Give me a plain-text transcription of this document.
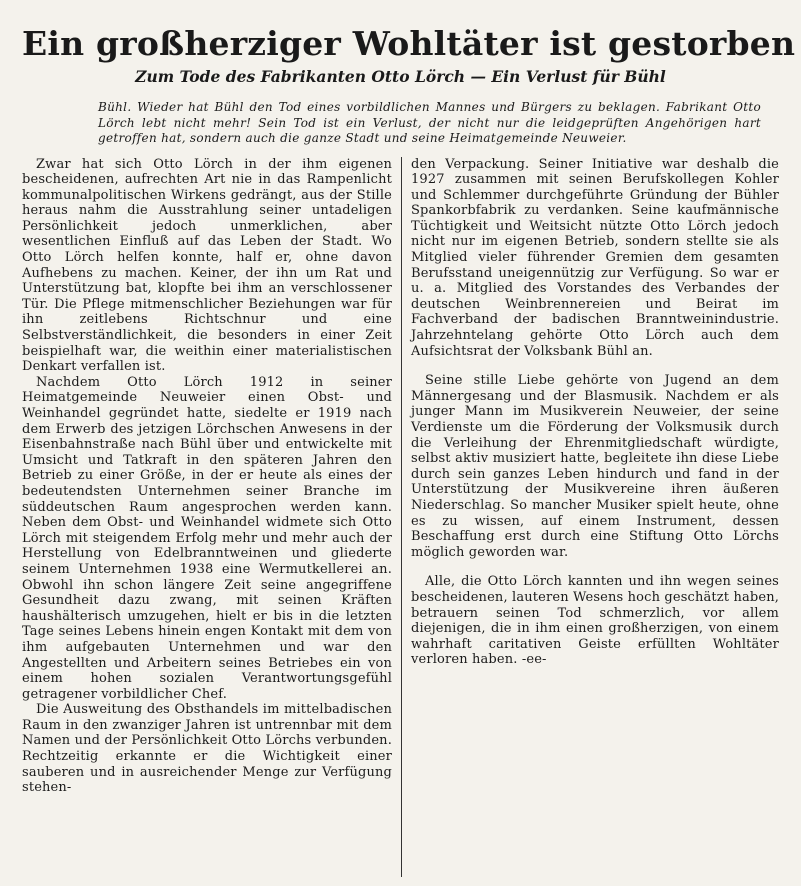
Ein großherziger Wohltäter ist gestorben
Zum Tode des Fabrikanten Otto Lörch — Ein Verlust für Bühl
Bühl. Wieder hat Bühl den Tod eines vorbildlichen Mannes und Bürgers zu beklagen. Fabrikant Otto Lörch lebt nicht mehr! Sein Tod ist ein Verlust, der nicht nur die leidgeprüften Angehörigen hart getroffen hat, sondern auch die ganze Stadt und seine Heimatgemeinde Neuweier.

Zwar hat sich Otto Lörch in der ihm eigenen bescheidenen, aufrechten Art nie in das Rampenlicht kommunalpolitischen Wirkens gedrängt, aus der Stille heraus nahm die Ausstrahlung seiner untadeligen Persönlichkeit jedoch unmerklichen, aber wesentlichen Einfluß auf das Leben der Stadt. Wo Otto Lörch helfen konnte, half er, ohne davon Aufhebens zu machen. Keiner, der ihn um Rat und Unterstützung bat, klopfte bei ihm an verschlossener Tür. Die Pflege mitmenschlicher Beziehungen war für ihn zeitlebens Richtschnur und eine Selbstverständlichkeit, die besonders in einer Zeit beispielhaft war, die weithin einer materialistischen Denkart verfallen ist.

Nachdem Otto Lörch 1912 in seiner Heimatgemeinde Neuweier einen Obst- und Weinhandel gegründet hatte, siedelte er 1919 nach dem Erwerb des jetzigen Lörchschen Anwesens in der Eisenbahnstraße nach Bühl über und entwickelte mit Umsicht und Tatkraft in den späteren Jahren den Betrieb zu einer Größe, in der er heute als eines der bedeutendsten Unternehmen seiner Branche im süddeutschen Raum angesprochen werden kann. Neben dem Obst- und Weinhandel widmete sich Otto Lörch mit steigendem Erfolg mehr und mehr auch der Herstellung von Edelbranntweinen und gliederte seinem Unternehmen 1938 eine Wermutkellerei an. Obwohl ihn schon längere Zeit seine angegriffene Gesundheit dazu zwang, mit seinen Kräften haushälterisch umzugehen, hielt er bis in die letzten Tage seines Lebens hinein engen Kontakt mit dem von ihm aufgebauten Unternehmen und war den Angestellten und Arbeitern seines Betriebes ein von einem hohen sozialen Verantwortungsgefühl getragener vorbildlicher Chef.

Die Ausweitung des Obsthandels im mittelbadischen Raum in den zwanziger Jahren ist untrennbar mit dem Namen und der Persönlichkeit Otto Lörchs verbunden. Rechtzeitig erkannte er die Wichtigkeit einer sauberen und in ausreichender Menge zur Verfügung stehen-

den Verpackung. Seiner Initiative war deshalb die 1927 zusammen mit seinen Berufskollegen Kohler und Schlemmer durchgeführte Gründung der Bühler Spankorbfabrik zu verdanken. Seine kaufmännische Tüchtigkeit und Weitsicht nützte Otto Lörch jedoch nicht nur im eigenen Betrieb, sondern stellte sie als Mitglied vieler führender Gremien dem gesamten Berufsstand uneigennützig zur Verfügung. So war er u. a. Mitglied des Vorstandes des Verbandes der deutschen Weinbrennereien und Beirat im Fachverband der badischen Branntweinindustrie. Jahrzehntelang gehörte Otto Lörch auch dem Aufsichtsrat der Volksbank Bühl an.

Seine stille Liebe gehörte von Jugend an dem Männergesang und der Blasmusik. Nachdem er als junger Mann im Musikverein Neuweier, der seine Verdienste um die Förderung der Volksmusik durch die Verleihung der Ehrenmitgliedschaft würdigte, selbst aktiv musiziert hatte, begleitete ihn diese Liebe durch sein ganzes Leben hindurch und fand in der Unterstützung der Musikvereine ihren äußeren Niederschlag. So mancher Musiker spielt heute, ohne es zu wissen, auf einem Instrument, dessen Beschaffung erst durch eine Stiftung Otto Lörchs möglich geworden war.

Alle, die Otto Lörch kannten und ihn wegen seines bescheidenen, lauteren Wesens hoch geschätzt haben, betrauern seinen Tod schmerzlich, vor allem diejenigen, die in ihm einen großherzigen, von einem wahrhaft caritativen Geiste erfüllten Wohltäter verloren haben. -ee-
